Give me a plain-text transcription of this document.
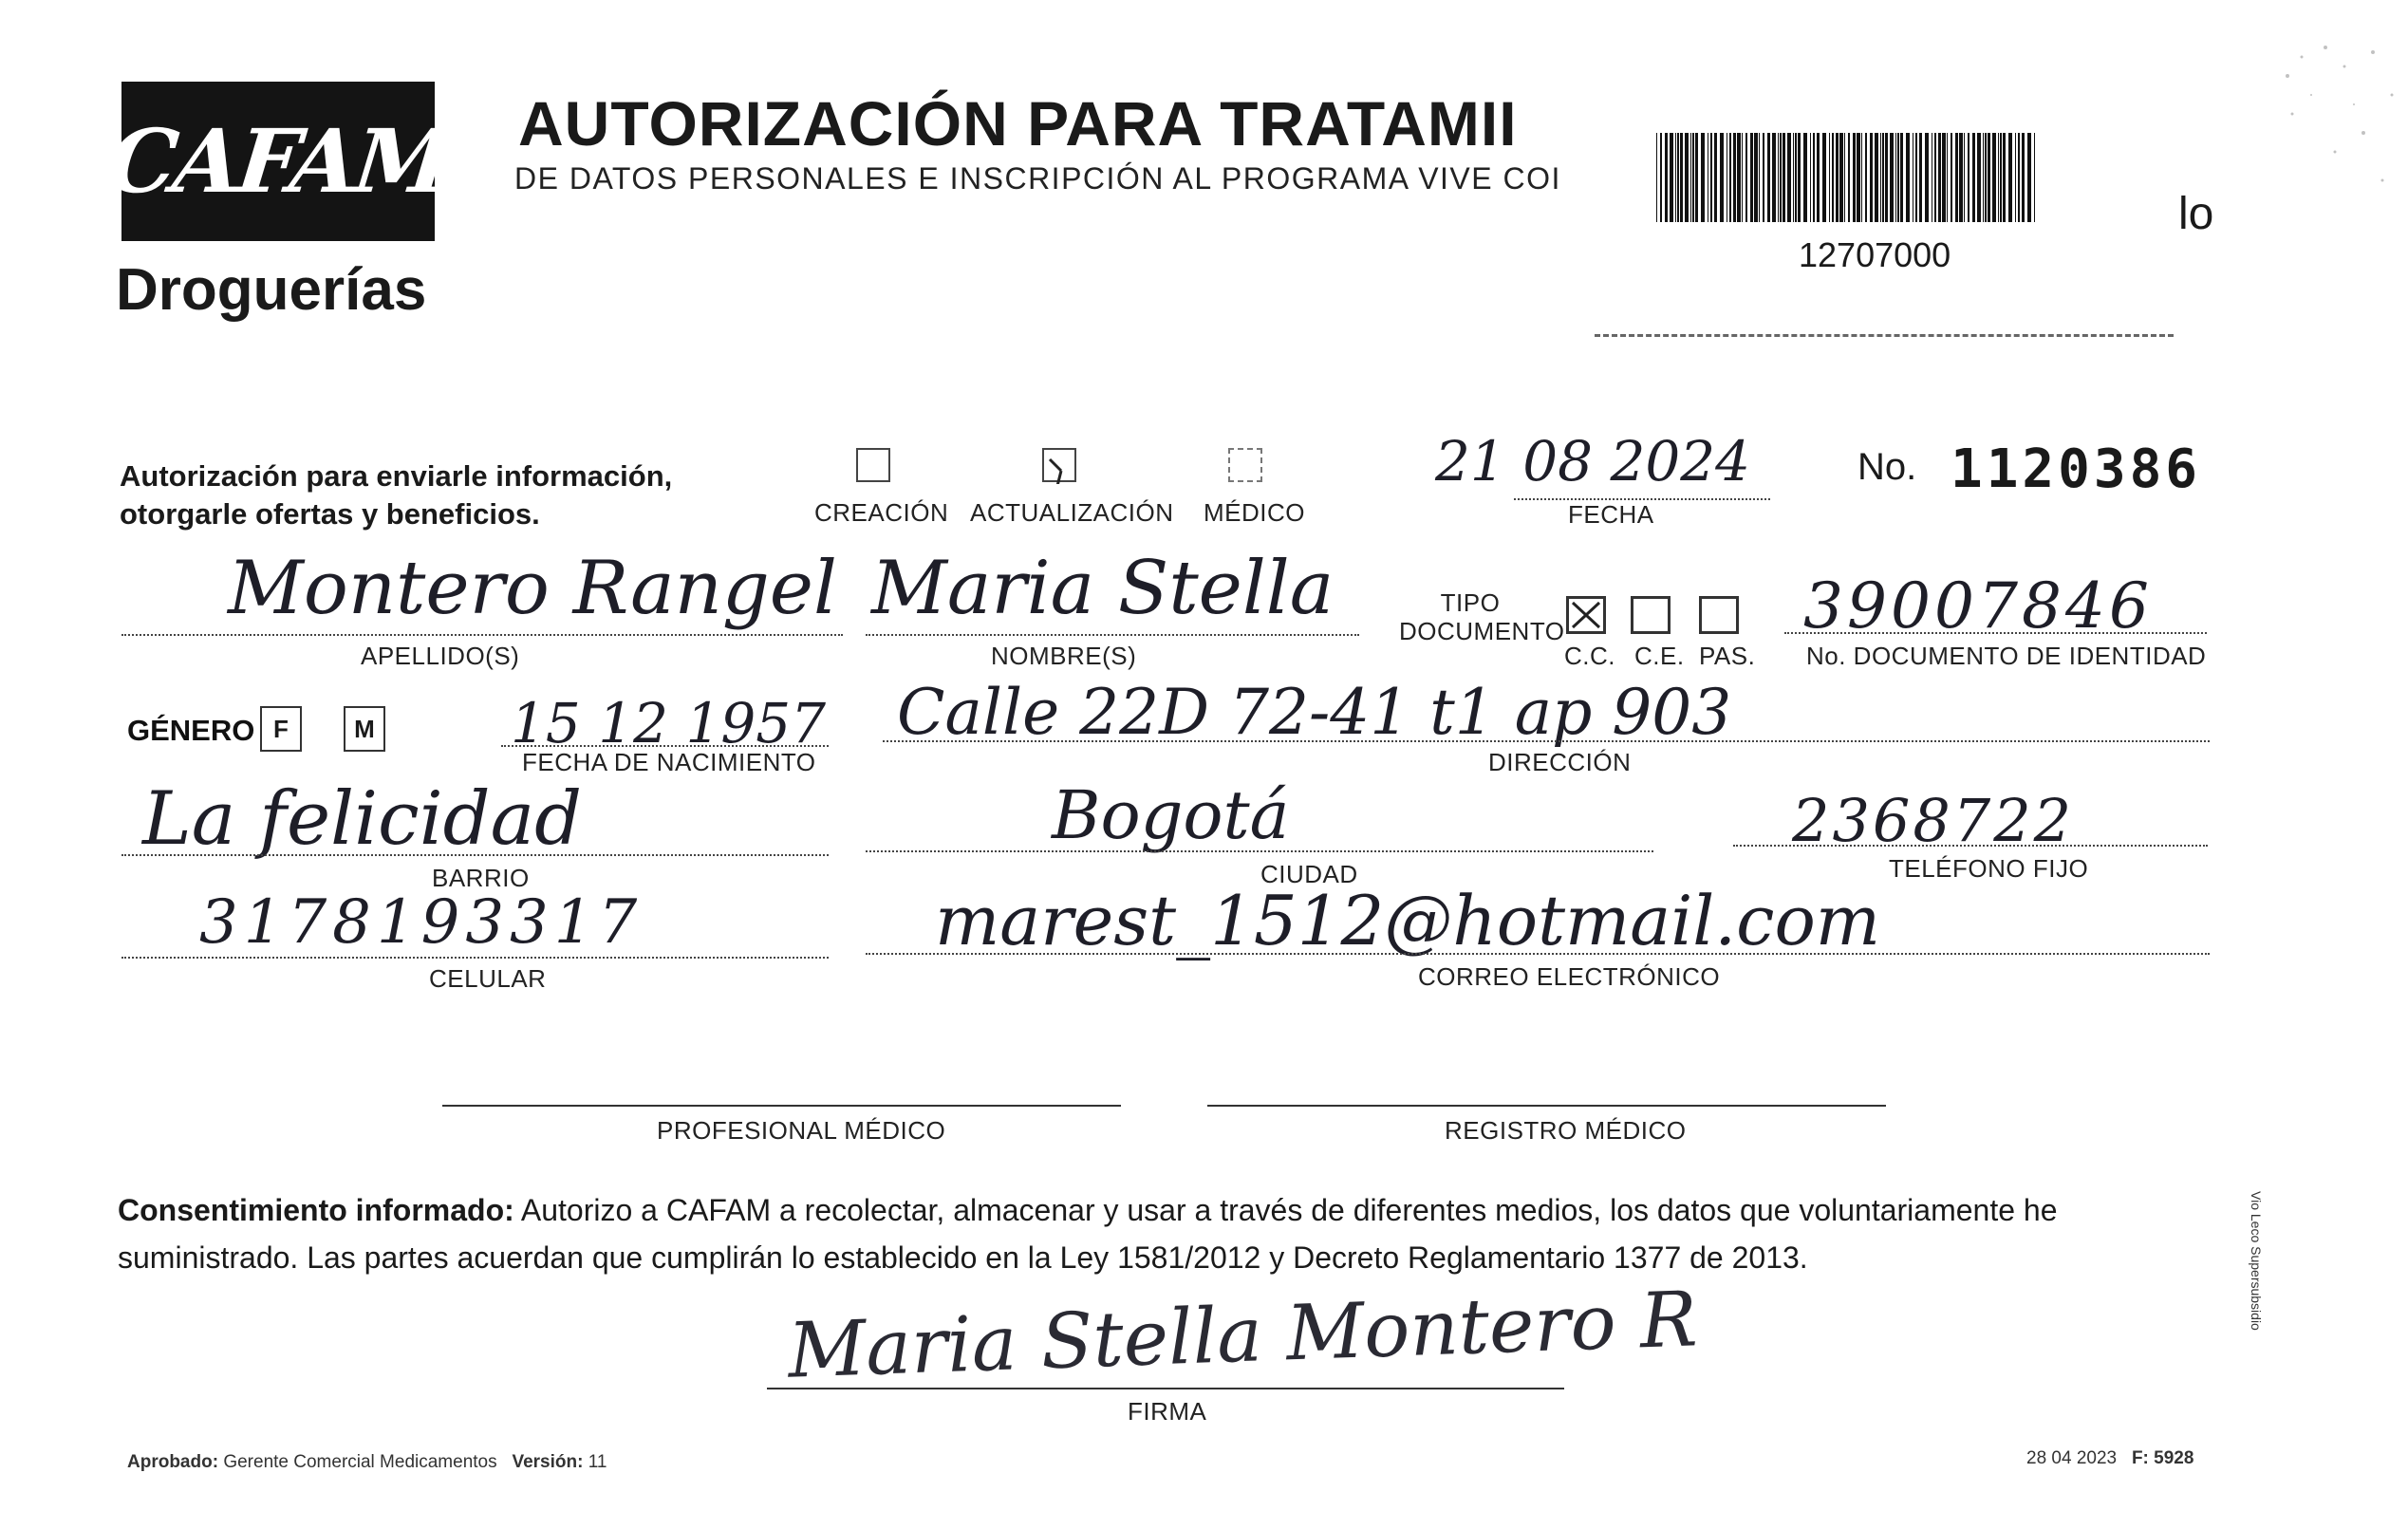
CAFAM
Droguerías
AUTORIZACIÓN PARA TRATAMII
DE DATOS PERSONALES E INSCRIPCIÓN AL PROGRAMA VIVE COI
12707000
lo
Autorización para enviarle información, otorgarle ofertas y beneficios.	CREACIÓN ACTUALIZACIÓN MÉDICO
21 08 2024
FECHA
No. 1120386
Montero Rangel
APELLIDO(S)
Maria Stella
NOMBRE(S)
TIPO DOCUMENTO
C.C. C.E. PAS.
39007846
No. DOCUMENTO DE IDENTIDAD
GÉNERO F	M 15 12 1957
FECHA DE NACIMIENTO
Calle 22D 72-41 t1 ap 903
DIRECCIÓN
La felicidad
BARRIO
Bogotá
CIUDAD
2368722
TELÉFONO FIJO
3178193317
CELULAR
marest_1512@hotmail.com
CORREO ELECTRÓNICO
PROFESIONAL MÉDICO	REGISTRO MÉDICO
Consentimiento informado: Autorizo a CAFAM a recolectar, almacenar y usar a través de diferentes medios, los datos que voluntariamente he suministrado. Las partes acuerdan que cumplirán lo establecido en la Ley 1581/2012 y Decreto Reglamentario 1377 de 2013.
Maria Stella Montero R
FIRMA
Aprobado: Gerente Comercial Medicamentos Versión: 11	28 04 2023 F: 5928
Vio Leco Supersubsidio
